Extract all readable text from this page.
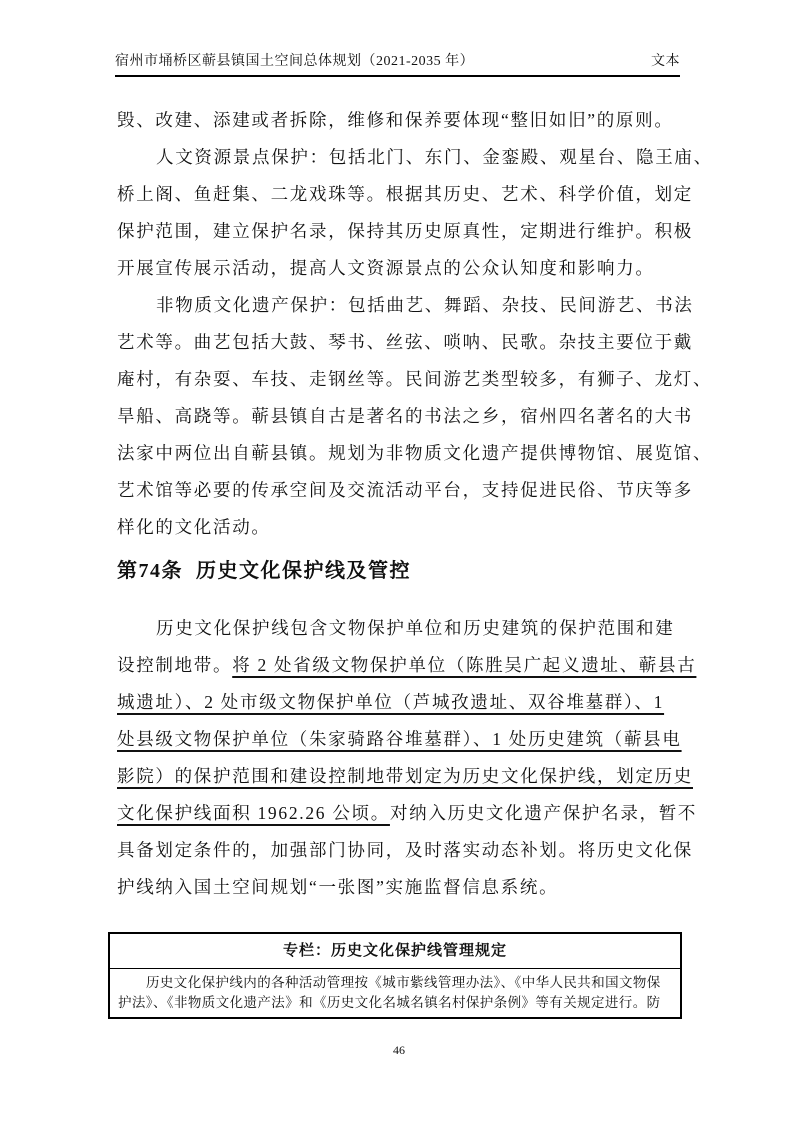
宿州市埇桥区蕲县镇国土空间总体规划（2021-2035 年）	文本
毁、改建、添建或者拆除，维修和保养要体现“整旧如旧”的原则。
人文资源景点保护：包括北门、东门、金銮殿、观星台、隐王庙、
桥上阁、鱼赶集、二龙戏珠等。根据其历史、艺术、科学价值，划定
保护范围，建立保护名录，保持其历史原真性，定期进行维护。积极
开展宣传展示活动，提高人文资源景点的公众认知度和影响力。
非物质文化遗产保护：包括曲艺、舞蹈、杂技、民间游艺、书法
艺术等。曲艺包括大鼓、琴书、丝弦、唢呐、民歌。杂技主要位于戴
庵村，有杂耍、车技、走钢丝等。民间游艺类型较多，有狮子、龙灯、
旱船、高跷等。蕲县镇自古是著名的书法之乡，宿州四名著名的大书
法家中两位出自蕲县镇。规划为非物质文化遗产提供博物馆、展览馆、
艺术馆等必要的传承空间及交流活动平台，支持促进民俗、节庆等多
样化的文化活动。
第74条 历史文化保护线及管控
历史文化保护线包含文物保护单位和历史建筑的保护范围和建
设控制地带。将 2 处省级文物保护单位（陈胜吴广起义遗址、蕲县古
城遗址）、2 处市级文物保护单位（芦城孜遗址、双谷堆墓群）、1
处县级文物保护单位（朱家骑路谷堆墓群）、1 处历史建筑（蕲县电
影院）的保护范围和建设控制地带划定为历史文化保护线，划定历史
文化保护线面积 1962.26 公顷。对纳入历史文化遗产保护名录，暂不
具备划定条件的，加强部门协同，及时落实动态补划。将历史文化保
护线纳入国土空间规划“一张图”实施监督信息系统。
专栏：历史文化保护线管理规定
历史文化保护线内的各种活动管理按《城市紫线管理办法》、《中华人民共和国文物保
护法》、《非物质文化遗产法》和《历史文化名城名镇名村保护条例》等有关规定进行。防
46
